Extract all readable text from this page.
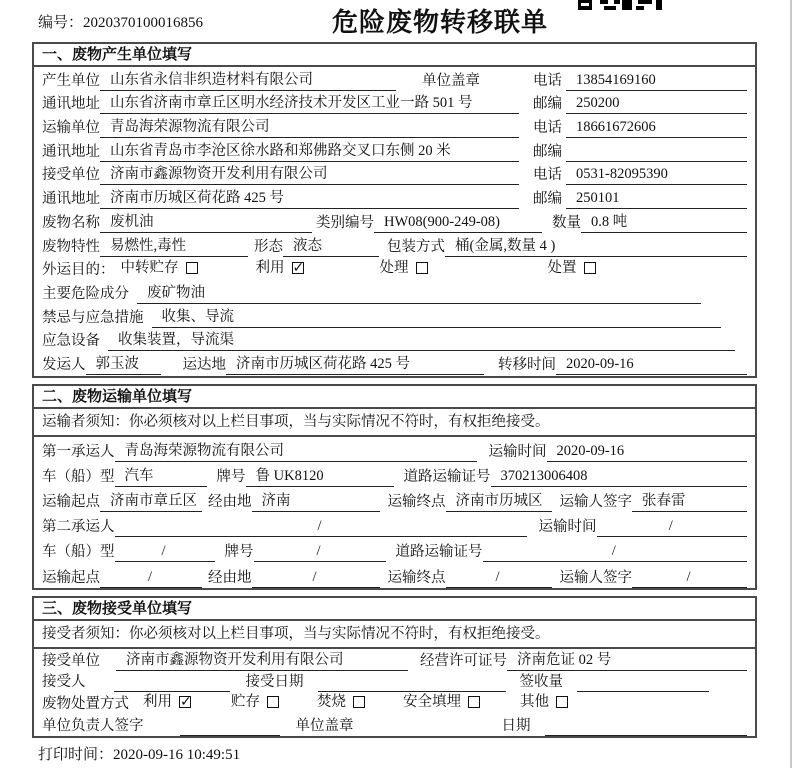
编号：2020370100016856	危险废物转移联单
一、废物产生单位填写
产生单位 山东省永信非织造材料有限公司	单位盖章	电话 13854169160
通讯地址 山东省济南市章丘区明水经济技术开发区工业一路 501 号	邮编 250200
运输单位 青岛海荣源物流有限公司	电话 18661672606
通讯地址 山东省青岛市李沧区徐水路和郑佛路交叉口东侧 20 米	邮编
接受单位 济南市鑫源物资开发利用有限公司	电话 0531-82095390
通讯地址 济南市历城区荷花路 425 号	邮编 250101
废物名称 废机油	类别编号 HW08(900-249-08)	数量 0.8 吨
废物特性 易燃性,毒性	形态 液态	包装方式 桶(金属,数量 4 )
外运目的： 中转贮存	利用 ✓	处理	处置
主要危险成分	废矿物油
禁忌与应急措施	收集、导流
应急设备	收集装置，导流渠
发运人 郭玉波	运达地 济南市历城区荷花路 425 号	转移时间 2020-09-16
二、废物运输单位填写
运输者须知：你必须核对以上栏目事项，当与实际情况不符时，有权拒绝接受。
第一承运人 青岛海荣源物流有限公司	运输时间 2020-09-16
车（船）型 汽车	牌号 鲁 UK8120	道路运输证号 370213006408
运输起点 济南市章丘区 经由地 济南	运输终点 济南市历城区	运输人签字 张春雷
第二承运人	/	运输时间	/
车（船）型	/	牌号	/	道路运输证号	/
运输起点	/	经由地	/	运输终点	/	运输人签字	/
三、废物接受单位填写
接受者须知：你必须核对以上栏目事项，当与实际情况不符时，有权拒绝接受。
接受单位	济南市鑫源物资开发利用有限公司	经营许可证号 济南危证 02 号
接受人	接受日期	签收量
废物处置方式 利用 ✓	贮存	焚烧	安全填埋	其他
单位负责人签字	单位盖章	日期
打印时间：2020-09-16 10:49:51
